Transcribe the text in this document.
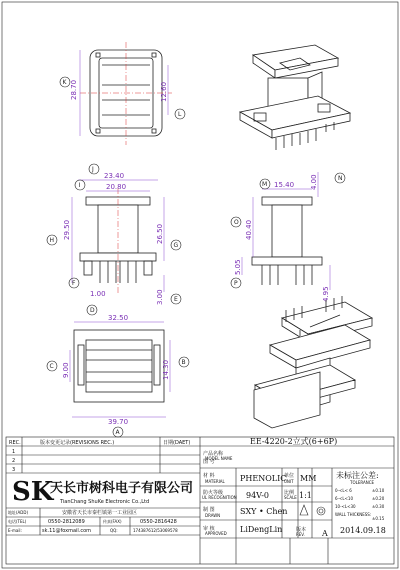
28.70	12.60
K
L
23.40
20.80
29.50	26.50
1.00	3.00
J
I
H
G
F
E
15.40 4.00
40.40
5.05
4.95
M
N
O
P
32.50
9.00	14.30
39.70
D
C
B
A
REC.	版本变更记录(REVISIONS REC.)	日期(DAET)
1
2
3
SK
天长市树科电子有限公司
TianChang ShuKe Electronic Co.,Ltd
地址(ADD)	安徽省天长市秦栏镇第一工业园区
电话(TEL)	0550-2812089	传真(FAX)	0550-2816428
E-mail:	sk.11@foxmail.com	QQ:	174387612/53069578
EE-4220-2立式(6+6P)
产品名称
MODEL NAME
图 号
材 料
MATERIAL PHENOLIC
单位
UNIT MM
防火等级
UL RECOGNITION 94V-0	比例
SCALE 1:1
制 图
DRAWN SXY • Chen
审 核
APPROVED LiDengLin	版本
REV. A 2014.09.18
未标注公差:
TOLERANCE
0-<L< 6	±0.10
6-<L<10	±0.20
10-<L<30	±0.30
WALL THICKNESS:
±0.15
